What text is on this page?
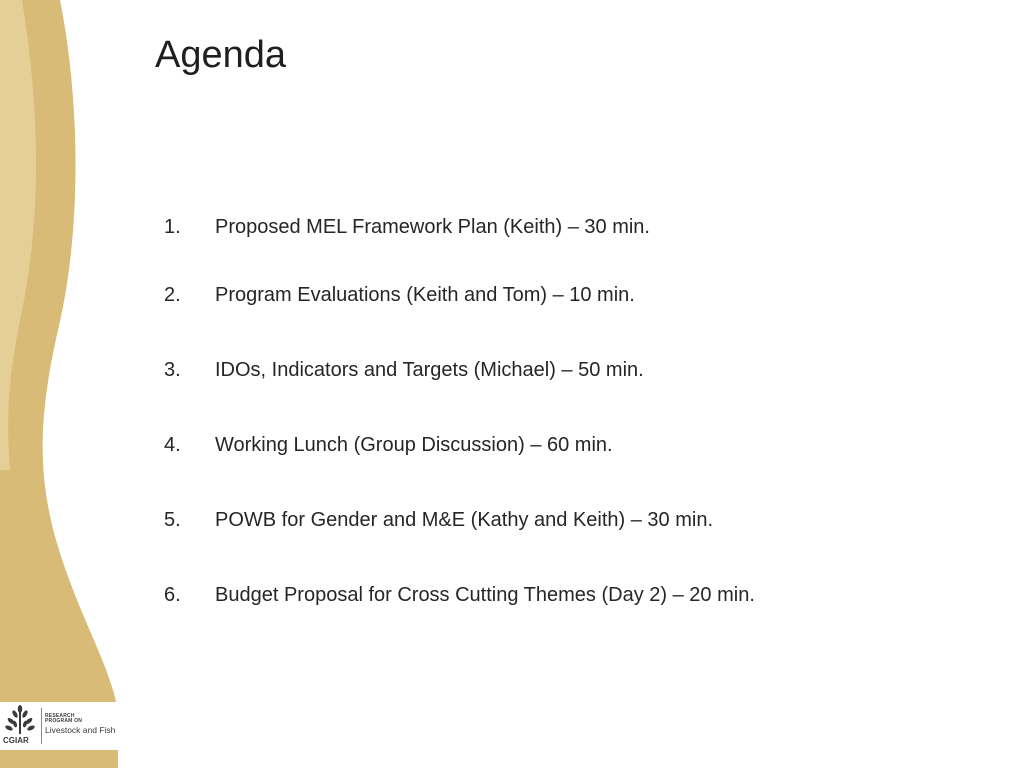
Agenda
1. Proposed MEL Framework Plan (Keith) – 30 min.
2. Program Evaluations (Keith and Tom) – 10 min.
3. IDOs, Indicators and Targets (Michael) – 50 min.
4. Working Lunch (Group Discussion) – 60 min.
5. POWB for Gender and M&E (Kathy and Keith) – 30 min.
6. Budget Proposal for Cross Cutting Themes (Day 2) – 20 min.
CGIAR
RESEARCH
PROGRAM ON
Livestock and Fish
